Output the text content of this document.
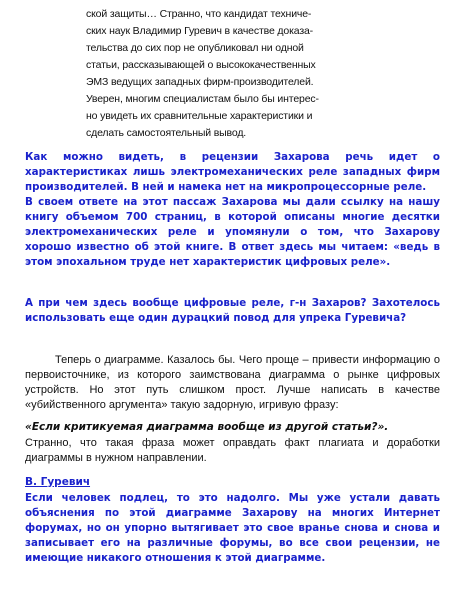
ской защиты… Странно, что кандидат техниче-
ских наук Владимир Гуревич в качестве доказа-
тельства до сих пор не опубликовал ни одной
статьи, рассказывающей о высококачественных
ЭМЗ ведущих западных фирм-производителей.
Уверен, многим специалистам было бы интерес-
но увидеть их сравнительные характеристики и
сделать самостоятельный вывод.
Как можно видеть, в рецензии Захарова речь идет о характеристиках лишь электромеханических реле западных фирм производителей. В ней и намека нет на микропроцессорные реле.
В своем ответе на этот пассаж Захарова мы дали ссылку на нашу книгу объемом 700 страниц, в которой описаны многие десятки электромеханических реле и упомянули о том, что Захарову хорошо известно об этой книге. В ответ здесь мы читаем: «ведь в этом эпохальном труде нет характеристик цифровых реле».
А при чем здесь вообще цифровые реле, г-н Захаров? Захотелось использовать еще один дурацкий повод для упрека Гуревича?
Теперь о диаграмме. Казалось бы. Чего проще – привести информацию о первоисточнике, из которого заимствована диаграмма о рынке цифровых устройств. Но этот путь слишком прост. Лучше написать в качестве «убийственного аргумента» такую задорную, игривую фразу:
«Если критикуемая диаграмма вообще из другой статьи?».
Странно, что такая фраза может оправдать факт плагиата и доработки диаграммы в нужном направлении.
В. Гуревич
Если человек подлец, то это надолго. Мы уже устали давать объяснения по этой диаграмме Захарову на многих Интернет форумах, но он упорно вытягивает это свое вранье снова и снова и записывает его на различные форумы, во все свои рецензии, не имеющие никакого отношения к этой диаграмме.
